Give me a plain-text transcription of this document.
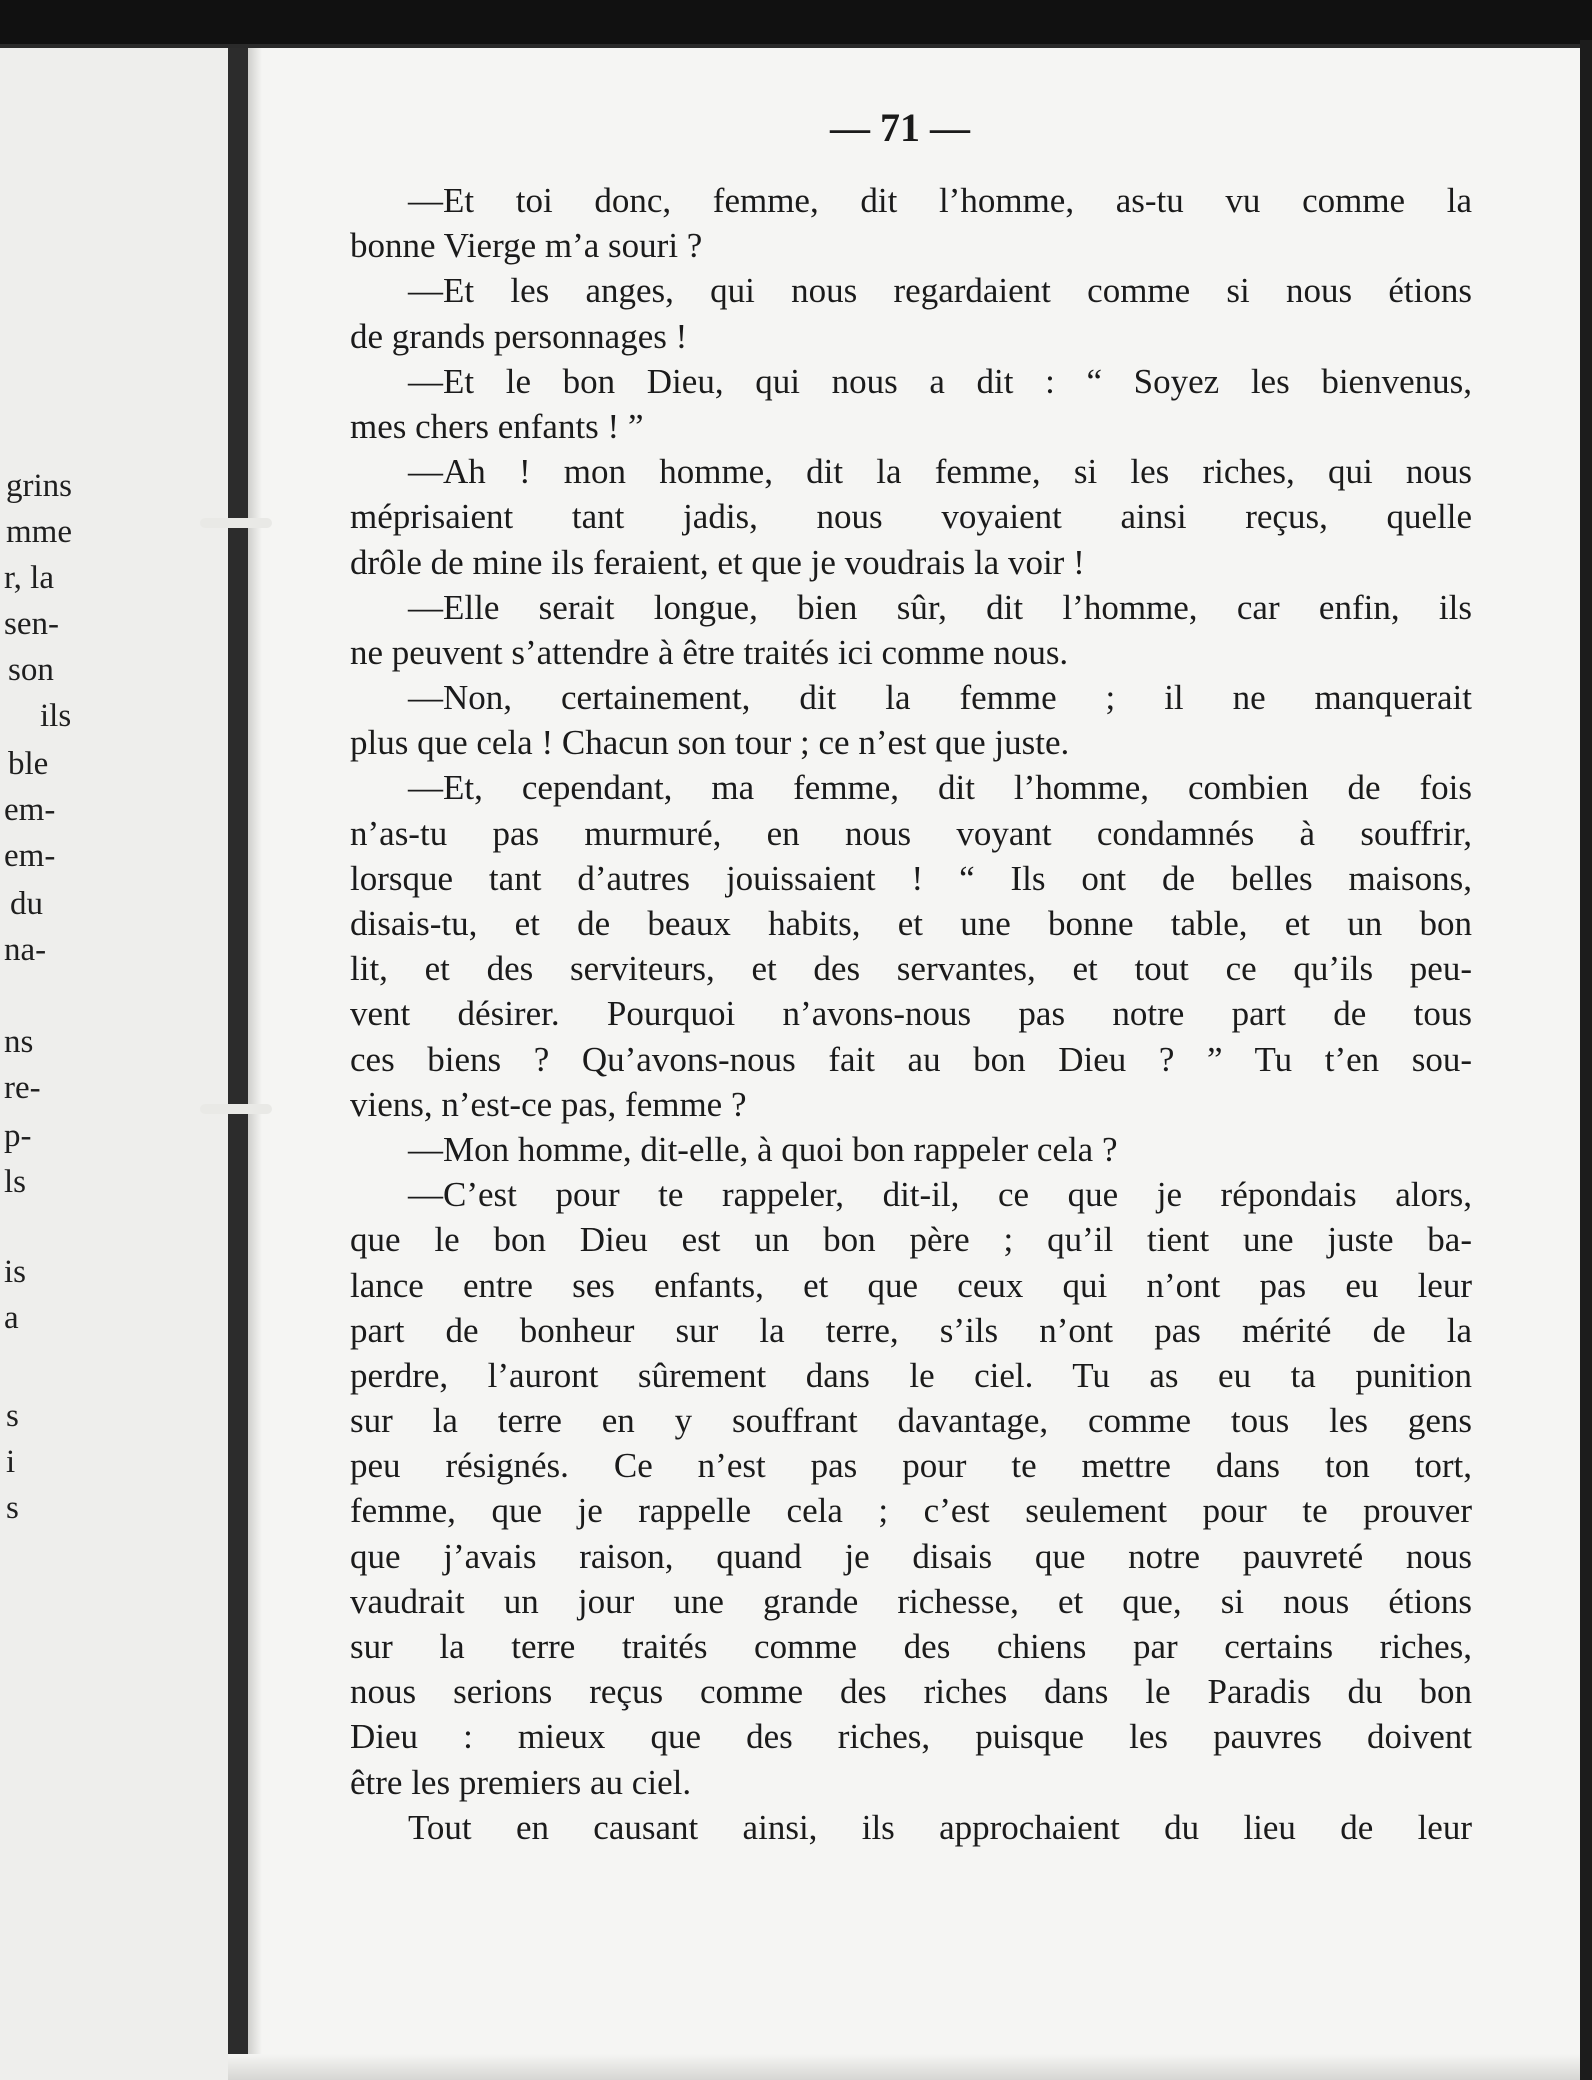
grins
mme
r, la
sen-
son
ils
ble
em-
em-
du
na-
ns
re-
p-
ls
is
a
s
i
s
— 71 —
—Et toi donc, femme, dit l’homme, as-tu vu comme la
bonne Vierge m’a souri ?
—Et les anges, qui nous regardaient comme si nous étions
de grands personnages !
—Et le bon Dieu, qui nous a dit : “ Soyez les bienvenus,
mes chers enfants ! ”
—Ah ! mon homme, dit la femme, si les riches, qui nous
méprisaient tant jadis, nous voyaient ainsi reçus, quelle
drôle de mine ils feraient, et que je voudrais la voir !
—Elle serait longue, bien sûr, dit l’homme, car enfin, ils
ne peuvent s’attendre à être traités ici comme nous.
—Non, certainement, dit la femme ; il ne manquerait
plus que cela ! Chacun son tour ; ce n’est que juste.
—Et, cependant, ma femme, dit l’homme, combien de fois
n’as-tu pas murmuré, en nous voyant condamnés à souffrir,
lorsque tant d’autres jouissaient ! “ Ils ont de belles maisons,
disais-tu, et de beaux habits, et une bonne table, et un bon
lit, et des serviteurs, et des servantes, et tout ce qu’ils peu-
vent désirer. Pourquoi n’avons-nous pas notre part de tous
ces biens ? Qu’avons-nous fait au bon Dieu ? ” Tu t’en sou-
viens, n’est-ce pas, femme ?
—Mon homme, dit-elle, à quoi bon rappeler cela ?
—C’est pour te rappeler, dit-il, ce que je répondais alors,
que le bon Dieu est un bon père ; qu’il tient une juste ba-
lance entre ses enfants, et que ceux qui n’ont pas eu leur
part de bonheur sur la terre, s’ils n’ont pas mérité de la
perdre, l’auront sûrement dans le ciel. Tu as eu ta punition
sur la terre en y souffrant davantage, comme tous les gens
peu résignés. Ce n’est pas pour te mettre dans ton tort,
femme, que je rappelle cela ; c’est seulement pour te prouver
que j’avais raison, quand je disais que notre pauvreté nous
vaudrait un jour une grande richesse, et que, si nous étions
sur la terre traités comme des chiens par certains riches,
nous serions reçus comme des riches dans le Paradis du bon
Dieu : mieux que des riches, puisque les pauvres doivent
être les premiers au ciel.
Tout en causant ainsi, ils approchaient du lieu de leur
